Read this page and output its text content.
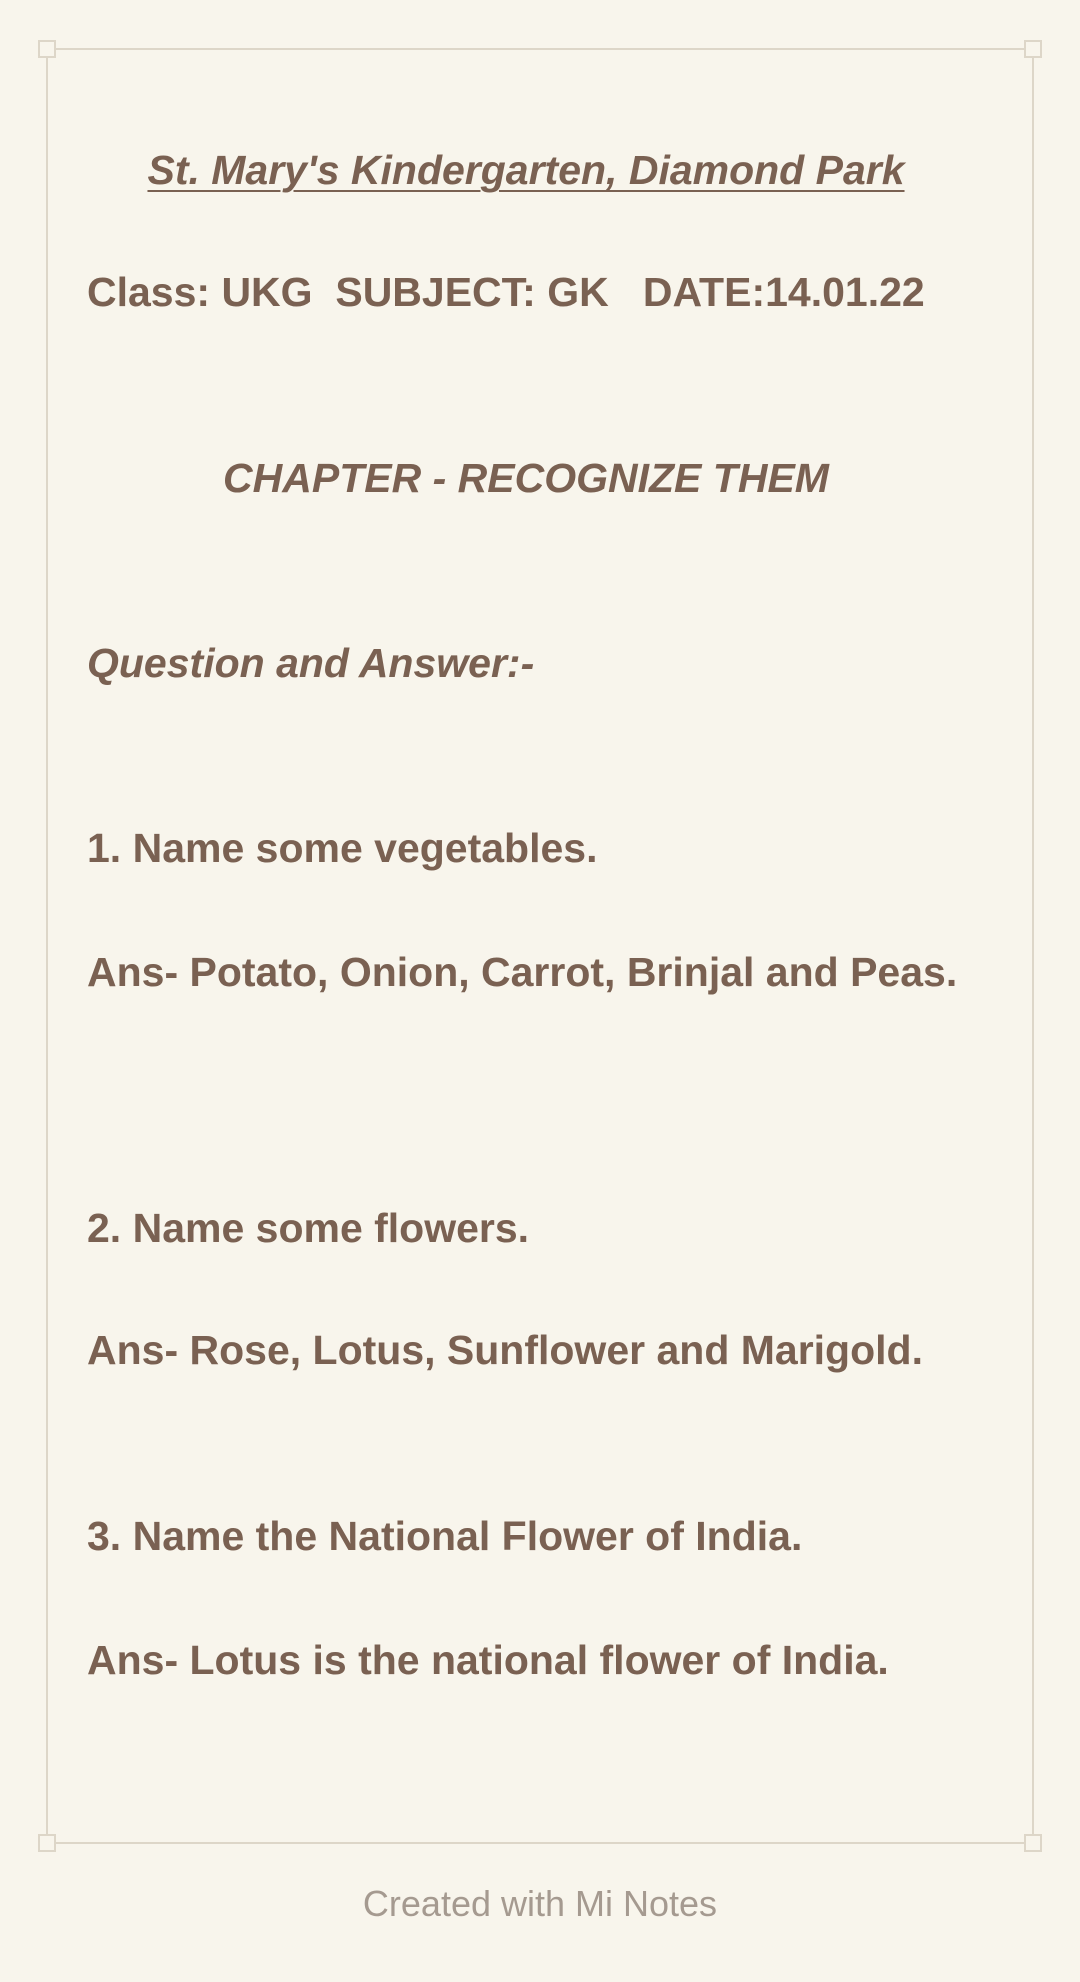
St. Mary's Kindergarten, Diamond Park
Class: UKG  SUBJECT: GK   DATE:14.01.22
CHAPTER - RECOGNIZE THEM
Question and Answer:-
1. Name some vegetables.
Ans- Potato, Onion, Carrot, Brinjal and Peas.
2. Name some flowers.
Ans- Rose, Lotus, Sunflower and Marigold.
3. Name the National Flower of India.
Ans- Lotus is the national flower of India.
Created with Mi Notes
